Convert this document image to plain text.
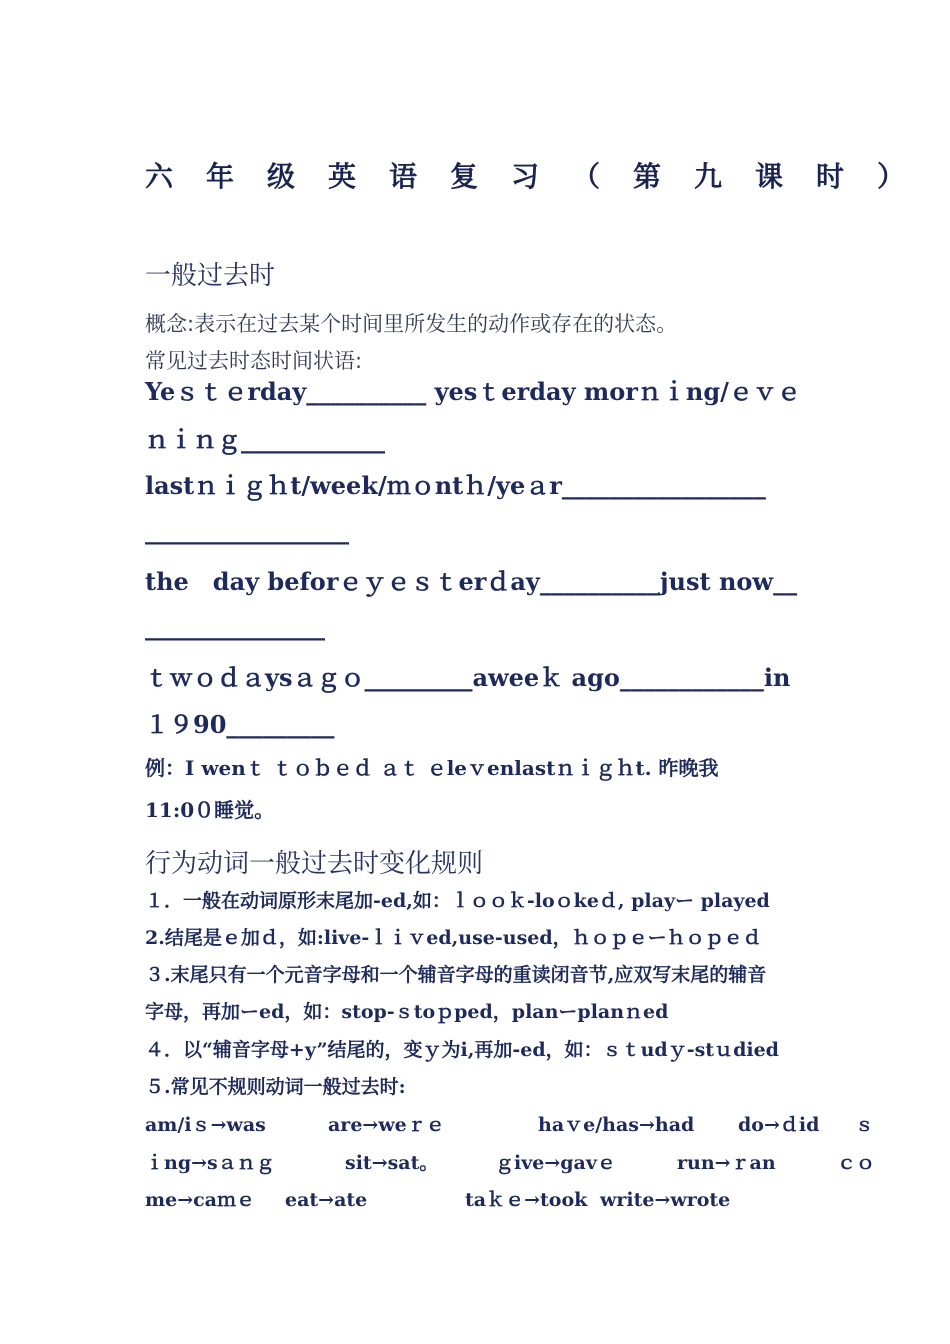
六年级英语复习（第九课时）
一般过去时
概念:表示在过去某个时间里所发生的动作或存在的状态。
常见过去时态时间状语:
Yeｓｔｅrday__________ yesｔerday morｎｉng/ｅｖｅ
ｎｉｎｇ____________
lastｎｉｇｈt/week/ｍｏntｈ/yeａr_________________
_________________
the　day beforｅｙｅｓｔerｄay__________just now__
_______________
ｔｗｏｄａysａｇｏ_________aweeｋ ago____________in
１９90_________
例：I wenｔ ｔｏｂｅｄ ａｔ ｅleｖenlastｎｉｇｈt. 昨晚我
11:0０睡觉。
行为动词一般过去时变化规则
１．一般在动词原形末尾加-ed,如：ｌｏｏｋ-loｏkeｄ, playー played
2.结尾是ｅ加ｄ，如:live-ｌｉｖed,use-used，ｈｏｐｅーｈｏｐｅｄ
３.末尾只有一个元音字母和一个辅音字母的重读闭音节,应双写末尾的辅音
字母，再加ーed，如：stop-ｓtoｐped，planーplanｎed
４．以“辅音字母+y”结尾的，变ｙ为i,再加-ed，如：ｓｔudｙ-stｕdied
５.常见不规则动词一般过去时:
am/iｓ→was	are→weｒｅ	haｖe/has→had do→ｄid ｓ
ｉng→sａｎｇ	sit→sat。	ｇive→gavｅ	run→ｒan	ｃｏ
me→caｍｅ eat→ate	taｋｅ→took write→wrote
